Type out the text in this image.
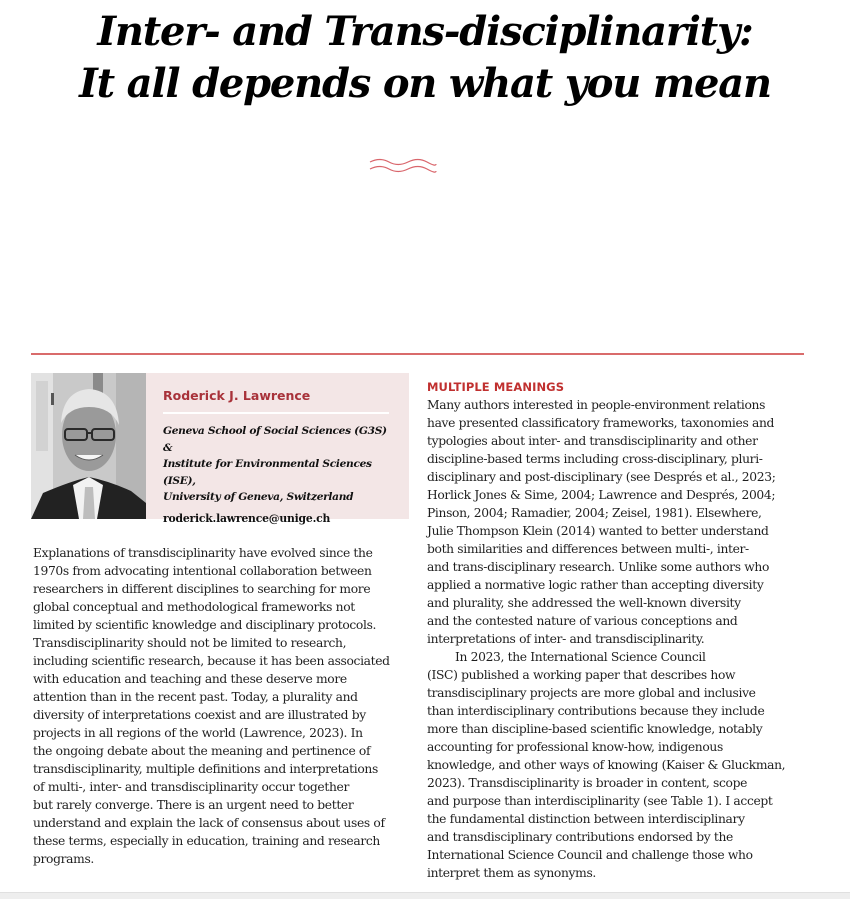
Inter- and Trans-disciplinarity:
It all depends on what you mean
Roderick J. Lawrence
Geneva School of Social Sciences (G3S) &
Institute for Environmental Sciences (ISE),
University of Geneva, Switzerland
roderick.lawrence@unige.ch

Explanations of transdisciplinarity have evolved since the
1970s from advocating intentional collaboration between
researchers in different disciplines to searching for more
global conceptual and methodological frameworks not
limited by scientific knowledge and disciplinary protocols.
Transdisciplinarity should not be limited to research,
including scientific research, because it has been associated
with education and teaching and these deserve more
attention than in the recent past. Today, a plurality and
diversity of interpretations coexist and are illustrated by
projects in all regions of the world (Lawrence, 2023). In
the ongoing debate about the meaning and pertinence of
transdisciplinarity, multiple definitions and interpretations
of multi-, inter- and transdisciplinarity occur together
but rarely converge. There is an urgent need to better
understand and explain the lack of consensus about uses of
these terms, especially in education, training and research
programs.

MULTIPLE MEANINGS

Many authors interested in people-environment relations
have presented classificatory frameworks, taxonomies and
typologies about inter- and transdisciplinarity and other
discipline-based terms including cross-disciplinary, pluri-
disciplinary and post-disciplinary (see Després et al., 2023;
Horlick Jones & Sime, 2004; Lawrence and Després, 2004;
Pinson, 2004; Ramadier, 2004; Zeisel, 1981). Elsewhere,
Julie Thompson Klein (2014) wanted to better understand
both similarities and differences between multi-, inter-
and trans-disciplinary research. Unlike some authors who
applied a normative logic rather than accepting diversity
and plurality, she addressed the well-known diversity
and the contested nature of various conceptions and
interpretations of inter- and transdisciplinarity.

In 2023, the International Science Council
(ISC) published a working paper that describes how
transdisciplinary projects are more global and inclusive
than interdisciplinary contributions because they include
more than discipline-based scientific knowledge, notably
accounting for professional know-how, indigenous
knowledge, and other ways of knowing (Kaiser & Gluckman,
2023). Transdisciplinarity is broader in content, scope
and purpose than interdisciplinarity (see Table 1). I accept
the fundamental distinction between interdisciplinary
and transdisciplinary contributions endorsed by the
International Science Council and challenge those who
interpret them as synonyms.
